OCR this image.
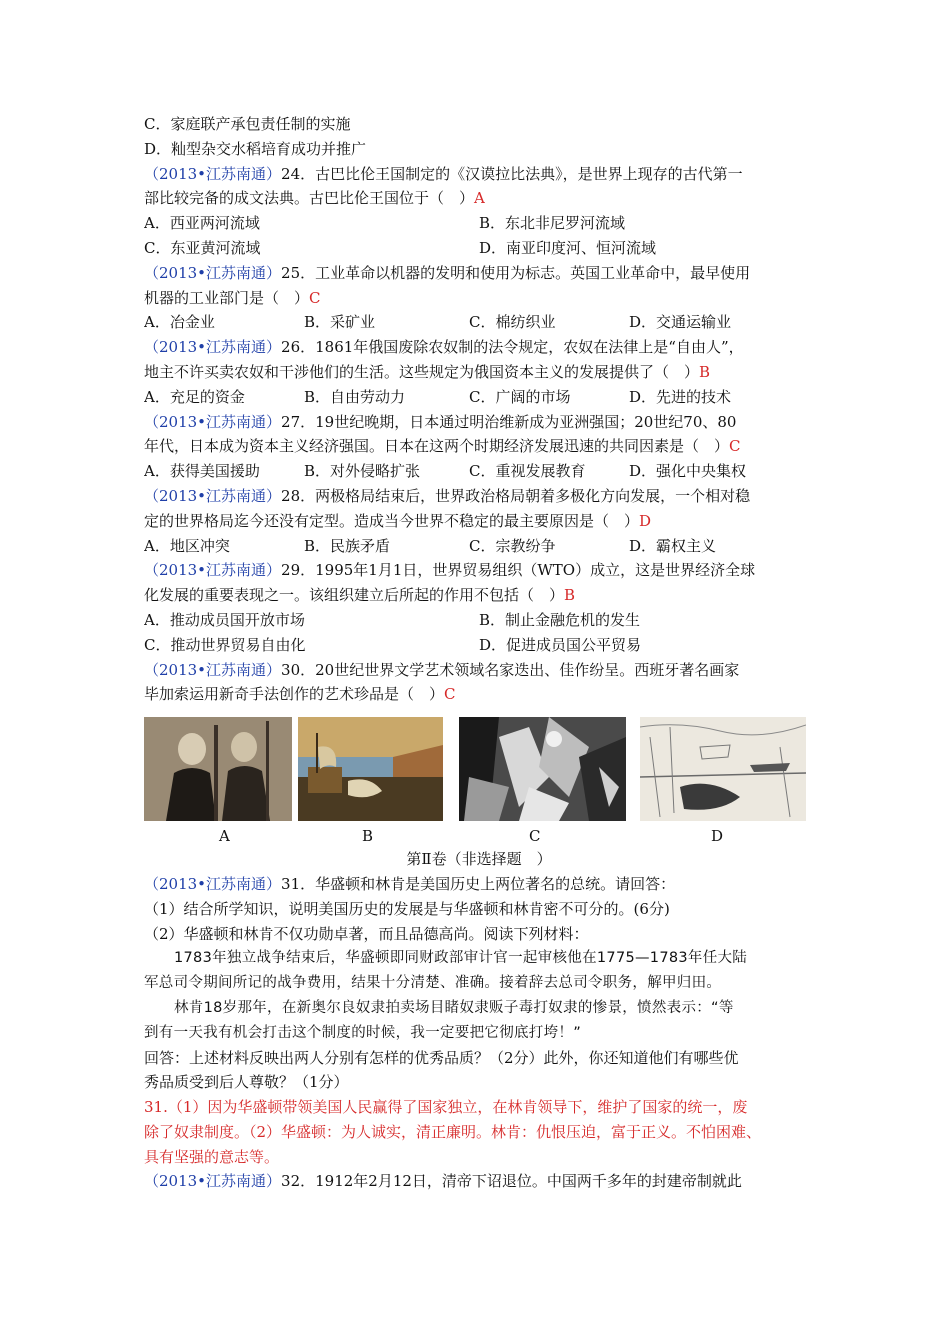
C．家庭联产承包责任制的实施
D．籼型杂交水稻培育成功并推广
（2013•江苏南通）24．古巴比伦王国制定的《汉谟拉比法典》，是世界上现存的古代第一
部比较完备的成文法典。古巴比伦王国位于（　）A
A．西亚两河流域	B．东北非尼罗河流域
C．东亚黄河流域	D．南亚印度河、恒河流域
（2013•江苏南通）25．工业革命以机器的发明和使用为标志。英国工业革命中，最早使用
机器的工业部门是（　）C
A．冶金业	B．采矿业	C．棉纺织业	D．交通运输业
（2013•江苏南通）26．1861年俄国废除农奴制的法令规定，农奴在法律上是“自由人”，
地主不许买卖农奴和干涉他们的生活。这些规定为俄国资本主义的发展提供了（　）B
A．充足的资金	B．自由劳动力	C．广阔的市场	D．先进的技术
（2013•江苏南通）27．19世纪晚期，日本通过明治维新成为亚洲强国；20世纪70、80
年代，日本成为资本主义经济强国。日本在这两个时期经济发展迅速的共同因素是（　）C
A．获得美国援助	B．对外侵略扩张	C．重视发展教育	D．强化中央集权
（2013•江苏南通）28．两极格局结束后，世界政治格局朝着多极化方向发展，一个相对稳
定的世界格局迄今还没有定型。造成当今世界不稳定的最主要原因是（　）D
A．地区冲突	B．民族矛盾	C．宗教纷争	D．霸权主义
（2013•江苏南通）29．1995年1月1日，世界贸易组织（WTO）成立，这是世界经济全球
化发展的重要表现之一。该组织建立后所起的作用不包括（　）B
A．推动成员国开放市场	B．制止金融危机的发生
C．推动世界贸易自由化	D．促进成员国公平贸易
（2013•江苏南通）30．20世纪世界文学艺术领域名家迭出、佳作纷呈。西班牙著名画家
毕加索运用新奇手法创作的艺术珍品是（　）C
A	B	C	D
第Ⅱ卷（非选择题　）
（2013•江苏南通）31．华盛顿和林肯是美国历史上两位著名的总统。请回答：
（1）结合所学知识，说明美国历史的发展是与华盛顿和林肯密不可分的。(6分)
（2）华盛顿和林肯不仅功勋卓著，而且品德高尚。阅读下列材料：
1783年独立战争结束后，华盛顿即同财政部审计官一起审核他在1775—1783年任大陆
军总司令期间所记的战争费用，结果十分清楚、准确。接着辞去总司令职务，解甲归田。
林肯18岁那年，在新奥尔良奴隶拍卖场目睹奴隶贩子毒打奴隶的惨景，愤然表示：“等
到有一天我有机会打击这个制度的时候，我一定要把它彻底打垮！”
回答：上述材料反映出两人分别有怎样的优秀品质？（2分）此外，你还知道他们有哪些优
秀品质受到后人尊敬？（1分）
31.（1）因为华盛顿带领美国人民赢得了国家独立，在林肯领导下，维护了国家的统一，废
除了奴隶制度。（2）华盛顿：为人诚实，清正廉明。林肯：仇恨压迫，富于正义。不怕困难、
具有坚强的意志等。
（2013•江苏南通）32．1912年2月12日，清帝下诏退位。中国两千多年的封建帝制就此
